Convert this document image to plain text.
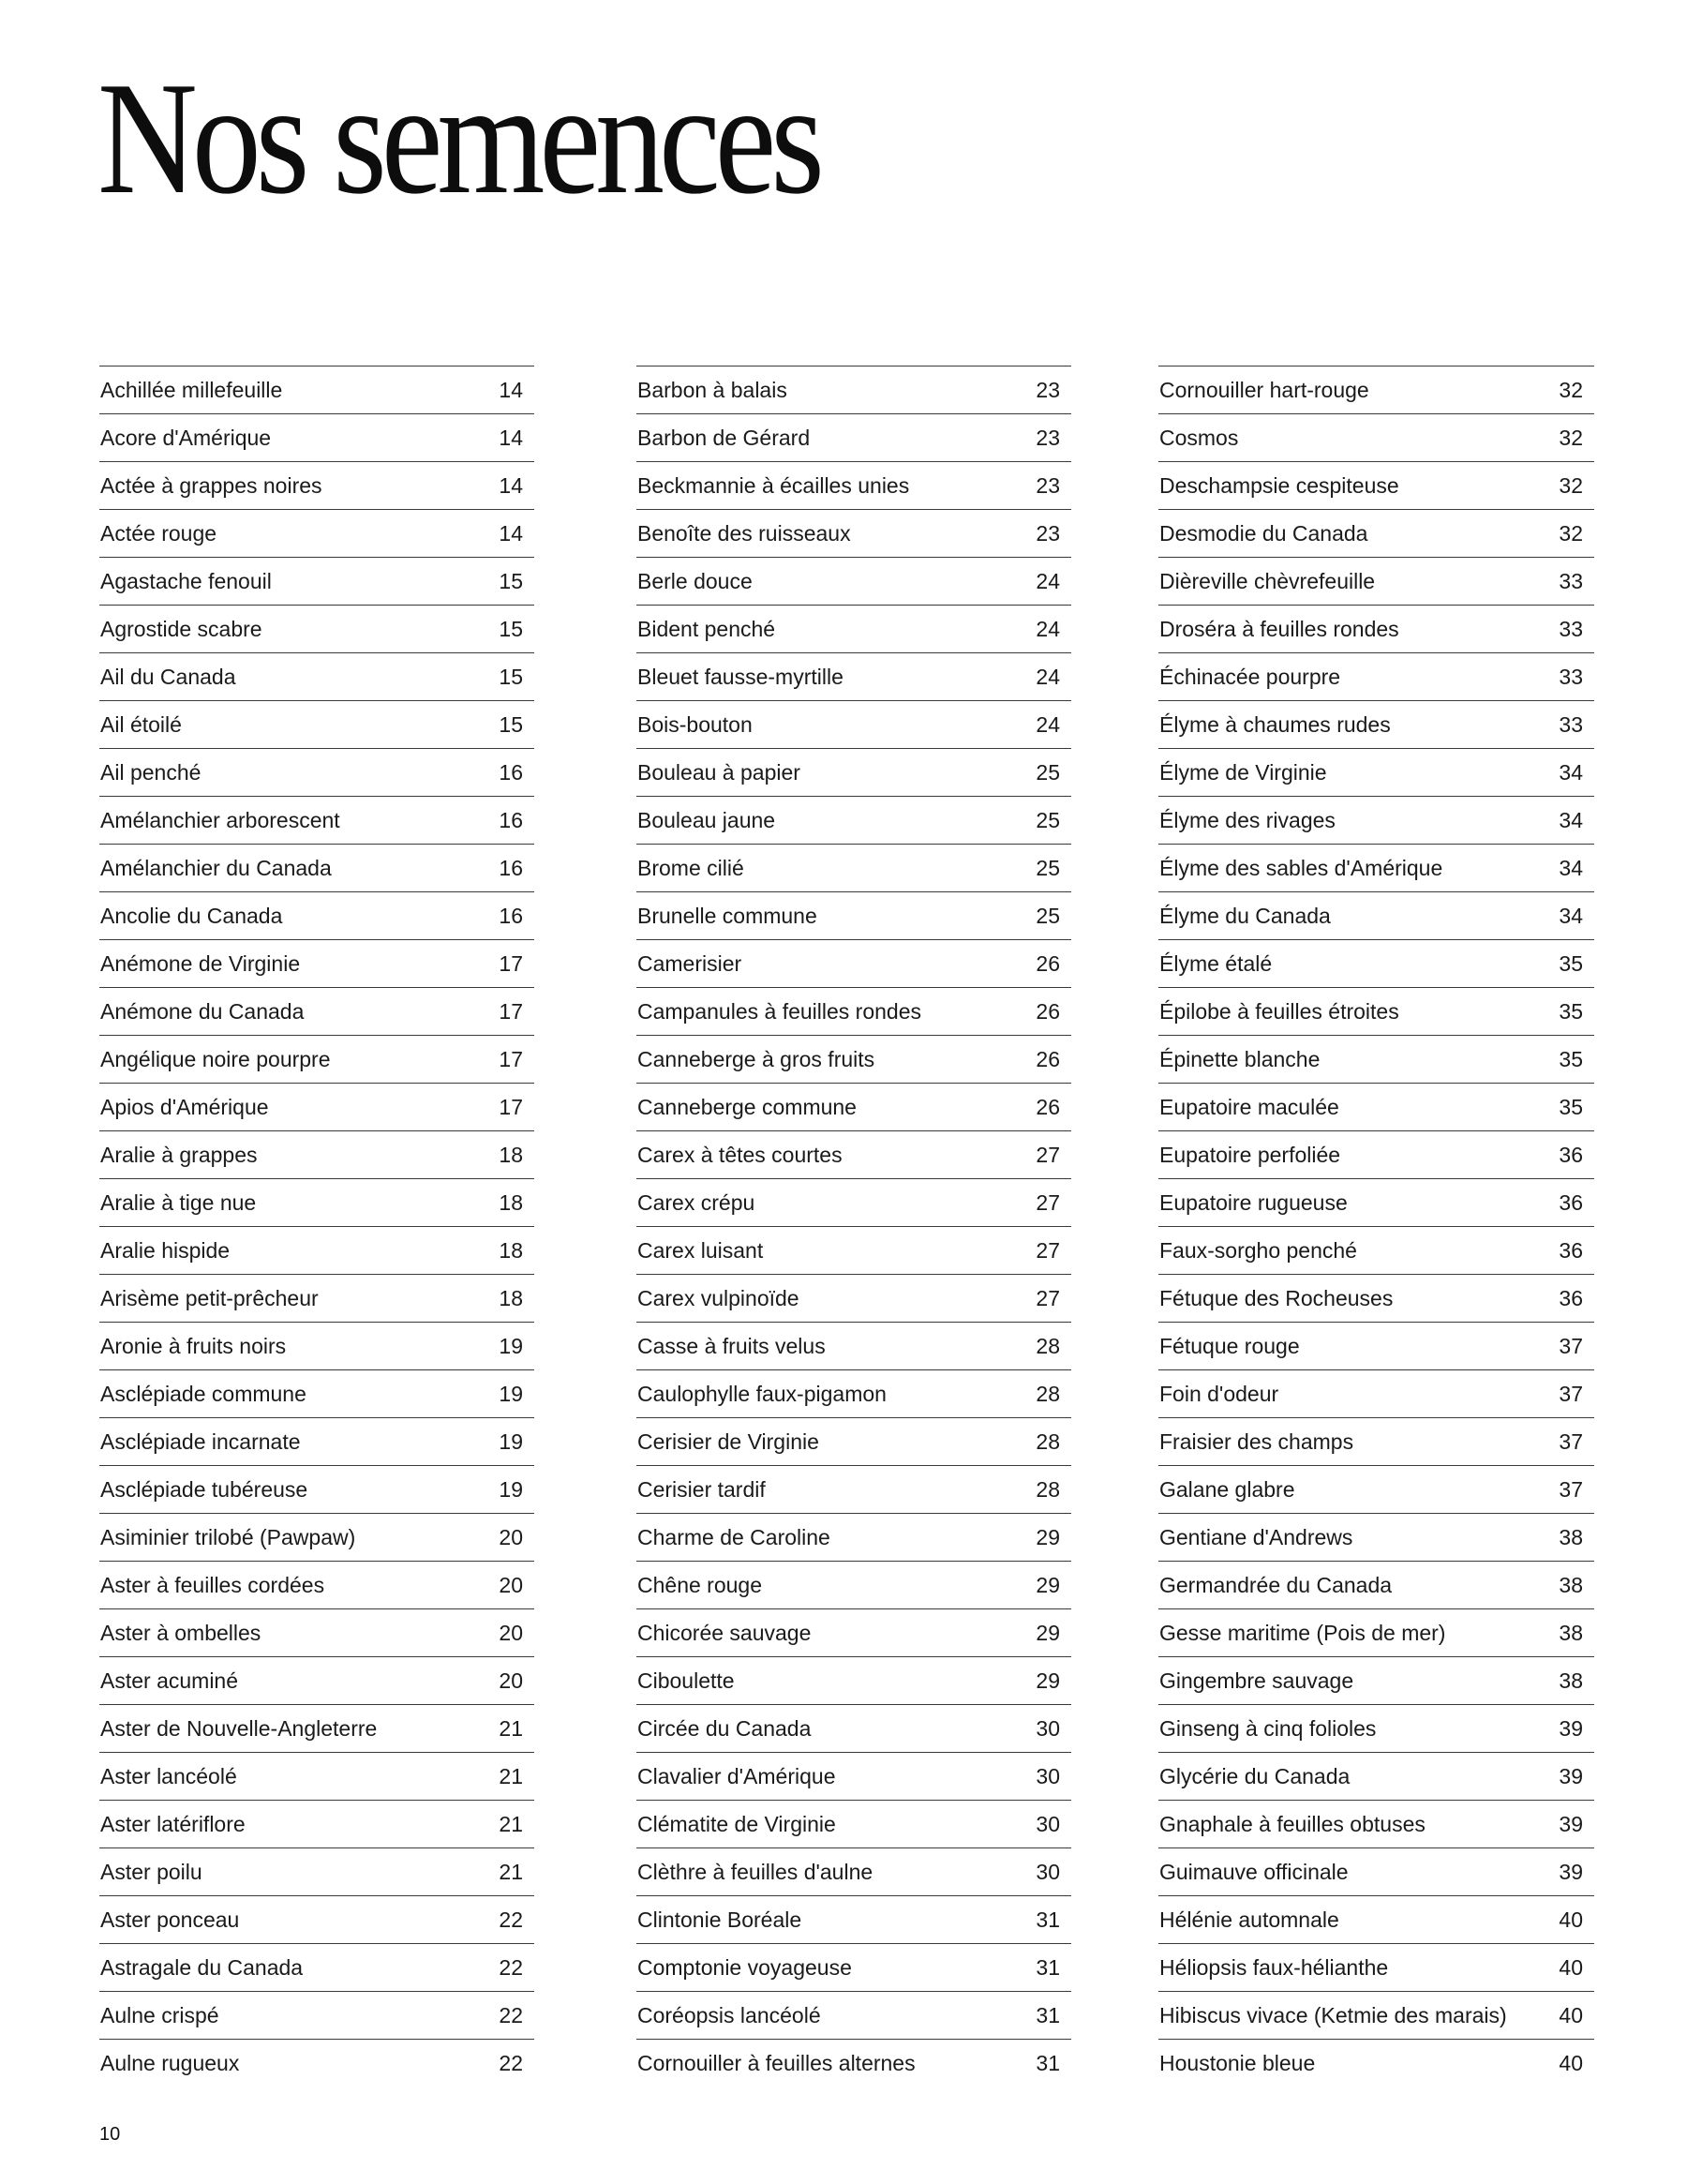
Nos semences
Achillée millefeuille	14
Acore d'Amérique	14
Actée à grappes noires	14
Actée rouge	14
Agastache fenouil	15
Agrostide scabre	15
Ail du Canada	15
Ail étoilé	15
Ail penché	16
Amélanchier arborescent	16
Amélanchier du Canada	16
Ancolie du Canada	16
Anémone de Virginie	17
Anémone du Canada	17
Angélique noire pourpre	17
Apios d'Amérique	17
Aralie à grappes	18
Aralie à tige nue	18
Aralie hispide	18
Arisème petit-prêcheur	18
Aronie à fruits noirs	19
Asclépiade commune	19
Asclépiade incarnate	19
Asclépiade tubéreuse	19
Asiminier trilobé (Pawpaw)	20
Aster à feuilles cordées	20
Aster à ombelles	20
Aster acuminé	20
Aster de Nouvelle-Angleterre	21
Aster lancéolé	21
Aster latériflore	21
Aster poilu	21
Aster ponceau	22
Astragale du Canada	22
Aulne crispé	22
Aulne rugueux	22
Barbon à balais	23
Barbon de Gérard	23
Beckmannie à écailles unies	23
Benoîte des ruisseaux	23
Berle douce	24
Bident penché	24
Bleuet fausse-myrtille	24
Bois-bouton	24
Bouleau à papier	25
Bouleau jaune	25
Brome cilié	25
Brunelle commune	25
Camerisier	26
Campanules à feuilles rondes	26
Canneberge à gros fruits	26
Canneberge commune	26
Carex à têtes courtes	27
Carex crépu	27
Carex luisant	27
Carex vulpinoïde	27
Casse à fruits velus	28
Caulophylle faux-pigamon	28
Cerisier de Virginie	28
Cerisier tardif	28
Charme de Caroline	29
Chêne rouge	29
Chicorée sauvage	29
Ciboulette	29
Circée du Canada	30
Clavalier d'Amérique	30
Clématite de Virginie	30
Clèthre à feuilles d'aulne	30
Clintonie Boréale	31
Comptonie voyageuse	31
Coréopsis lancéolé	31
Cornouiller à feuilles alternes	31
Cornouiller hart-rouge	32
Cosmos	32
Deschampsie cespiteuse	32
Desmodie du Canada	32
Dièreville chèvrefeuille	33
Droséra à feuilles rondes	33
Échinacée pourpre	33
Élyme à chaumes rudes	33
Élyme de Virginie	34
Élyme des rivages	34
Élyme des sables d'Amérique	34
Élyme du Canada	34
Élyme étalé	35
Épilobe à feuilles étroites	35
Épinette blanche	35
Eupatoire maculée	35
Eupatoire perfoliée	36
Eupatoire rugueuse	36
Faux-sorgho penché	36
Fétuque des Rocheuses	36
Fétuque rouge	37
Foin d'odeur	37
Fraisier des champs	37
Galane glabre	37
Gentiane d'Andrews	38
Germandrée du Canada	38
Gesse maritime (Pois de mer)	38
Gingembre sauvage	38
Ginseng à cinq folioles	39
Glycérie du Canada	39
Gnaphale à feuilles obtuses	39
Guimauve officinale	39
Hélénie automnale	40
Héliopsis faux-hélianthe	40
Hibiscus vivace (Ketmie des marais)	40
Houstonie bleue	40
10
